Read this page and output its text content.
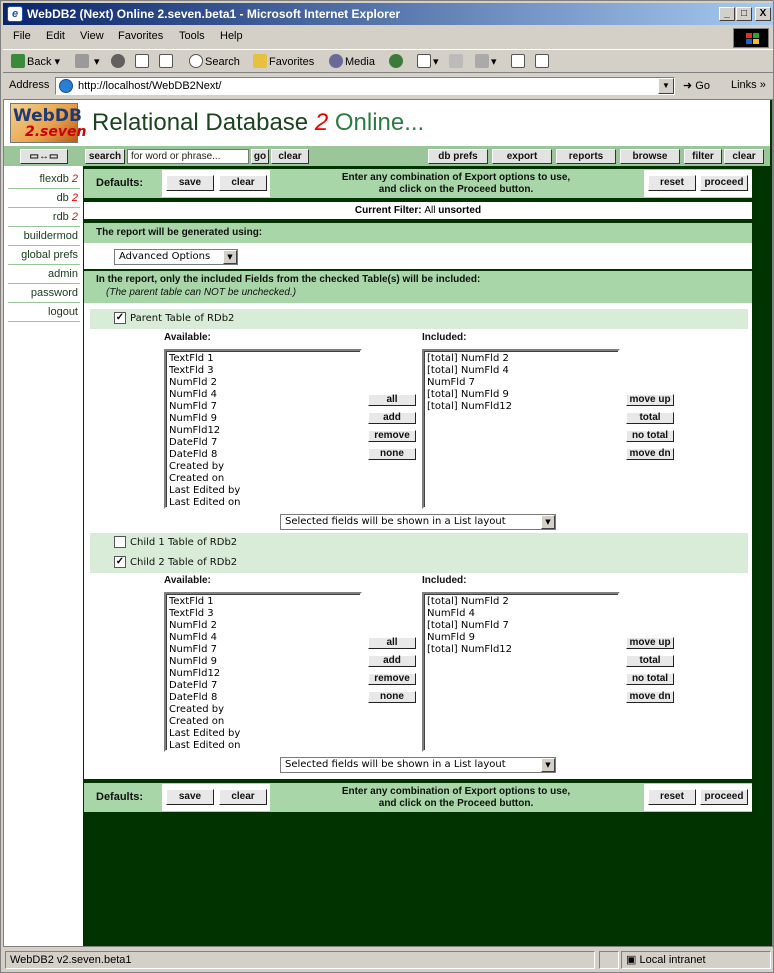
e WebDB2 (Next) Online 2.seven.beta1 - Microsoft Internet Explorer	_	□	X
File Edit View Favorites Tools Help
Back ▾	▾	Search	Favorites	Media	▾	▾
Address	http://localhost/WebDB2Next/	▼	➜ Go Links »
WebDB
2.seven Relational Database 2 Online...
▭↔▭	search for word or phrase...	go	clear	db prefs	export	reports	browse	filter	clear
flexdb 2
db 2
rdb 2
buildermod
global prefs
admin
password
logout
Defaults:	save	clear	Enter any combination of Export options to use,
and click on the Proceed button.
reset	proceed
Current Filter: All unsorted
The report will be generated using:
Advanced Options	▼
In the report, only the included Fields from the checked Table(s) will be included:
(The parent table can NOT be unchecked.)
✓ Parent Table of RDb2
Available:	Included:
TextFld 1
TextFld 3
NumFld 2
NumFld 4
NumFld 7
NumFld 9
NumFld12
DateFld 7
DateFld 8
Created by
Created on
Last Edited by
Last Edited on
[total] NumFld 2
[total] NumFld 4
NumFld 7
[total] NumFld 9
[total] NumFld12
all
add
remove
none
move up
total
no total
move dn
Selected fields will be shown in a List layout	▼
Child 1 Table of RDb2
✓ Child 2 Table of RDb2
Available:	Included:
TextFld 1
TextFld 3
NumFld 2
NumFld 4
NumFld 7
NumFld 9
NumFld12
DateFld 7
DateFld 8
Created by
Created on
Last Edited by
Last Edited on
[total] NumFld 2
NumFld 4
[total] NumFld 7
NumFld 9
[total] NumFld12
all
add
remove
none
move up
total
no total
move dn
Selected fields will be shown in a List layout	▼
Defaults:	save	clear	Enter any combination of Export options to use,
and click on the Proceed button.
reset	proceed
WebDB2 v2.seven.beta1	▣ Local intranet
